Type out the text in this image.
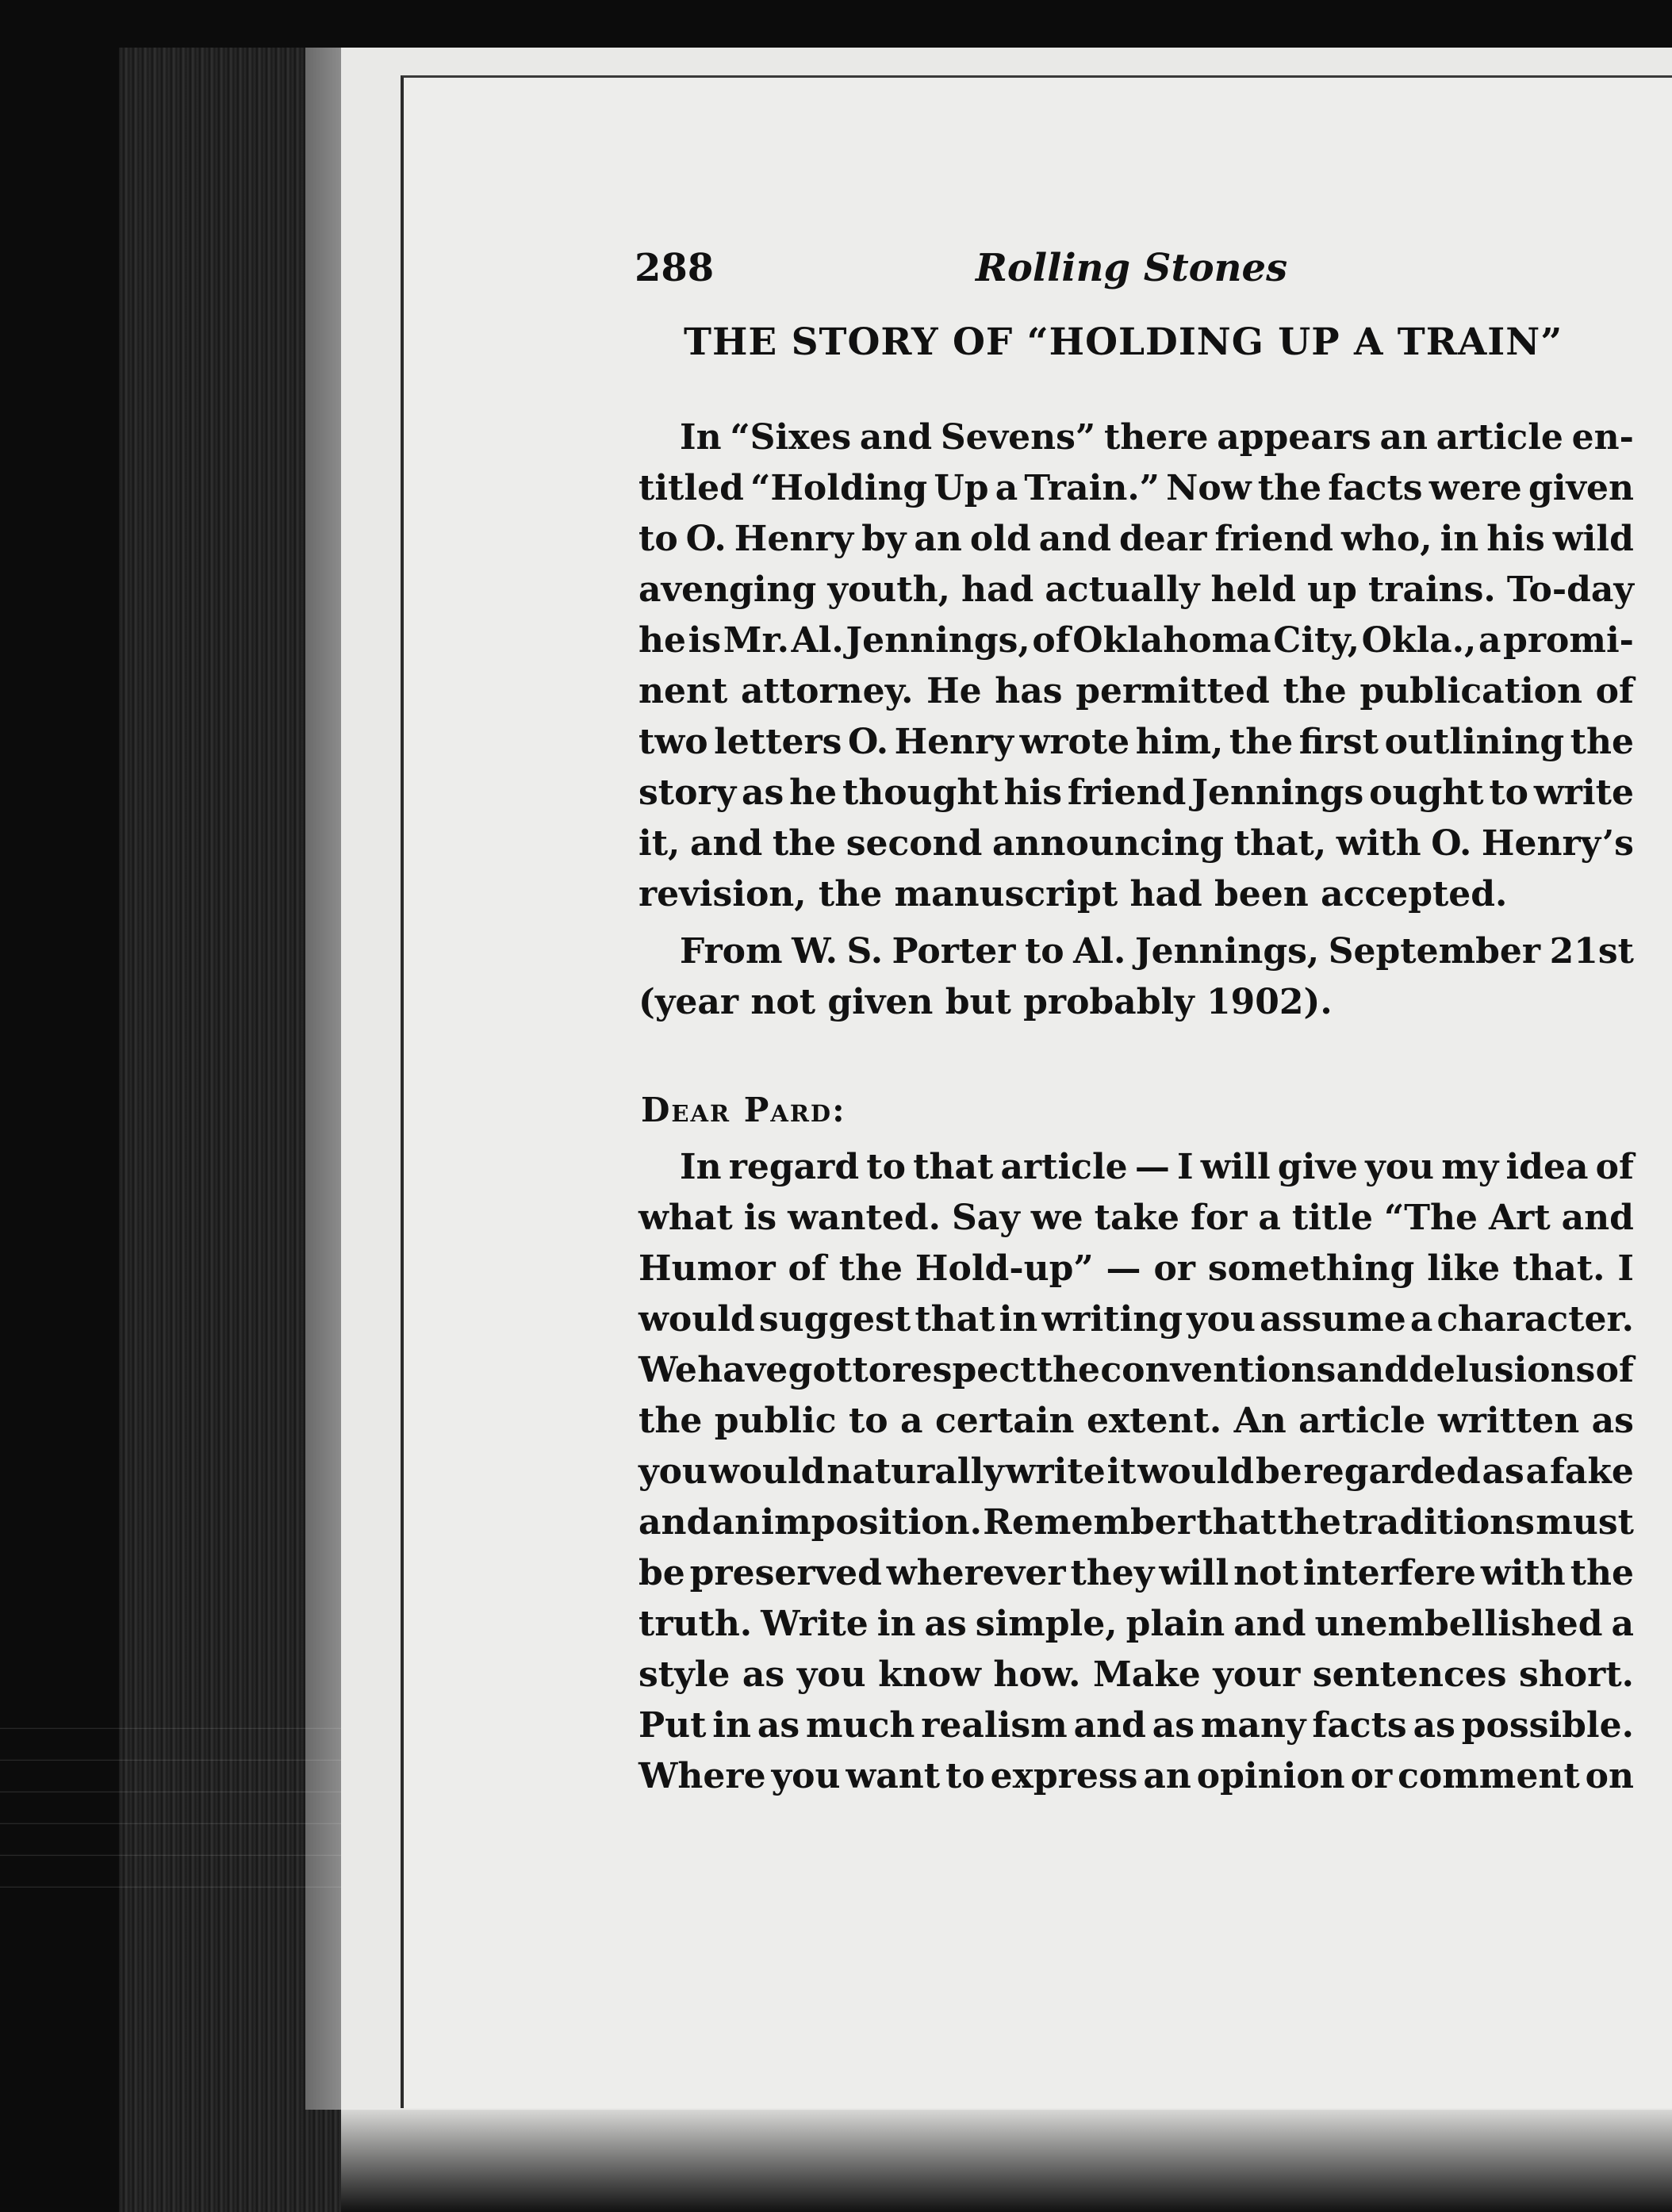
288	Rolling Stones
THE STORY OF “HOLDING UP A TRAIN”
In “Sixes and Sevens” there appears an article en-
titled “Holding Up a Train.” Now the facts were given
to O. Henry by an old and dear friend who, in his wild
avenging youth, had actually held up trains. To-day
he is Mr. Al. Jennings, of Oklahoma City, Okla., a promi-
nent attorney. He has permitted the publication of
two letters O. Henry wrote him, the first outlining the
story as he thought his friend Jennings ought to write
it, and the second announcing that, with O. Henry’s
revision, the manuscript had been accepted.
From W. S. Porter to Al. Jennings, September 21st
(year not given but probably 1902).
Dear Pard:
In regard to that article — I will give you my idea of
what is wanted. Say we take for a title “The Art and
Humor of the Hold-up” — or something like that. I
would suggest that in writing you assume a character.
We have got to respect the conventions and delusions of
the public to a certain extent. An article written as
you would naturally write it would be regarded as a fake
and an imposition. Remember that the traditions must
be preserved wherever they will not interfere with the
truth. Write in as simple, plain and unembellished a
style as you know how. Make your sentences short.
Put in as much realism and as many facts as possible.
Where you want to express an opinion or comment on
